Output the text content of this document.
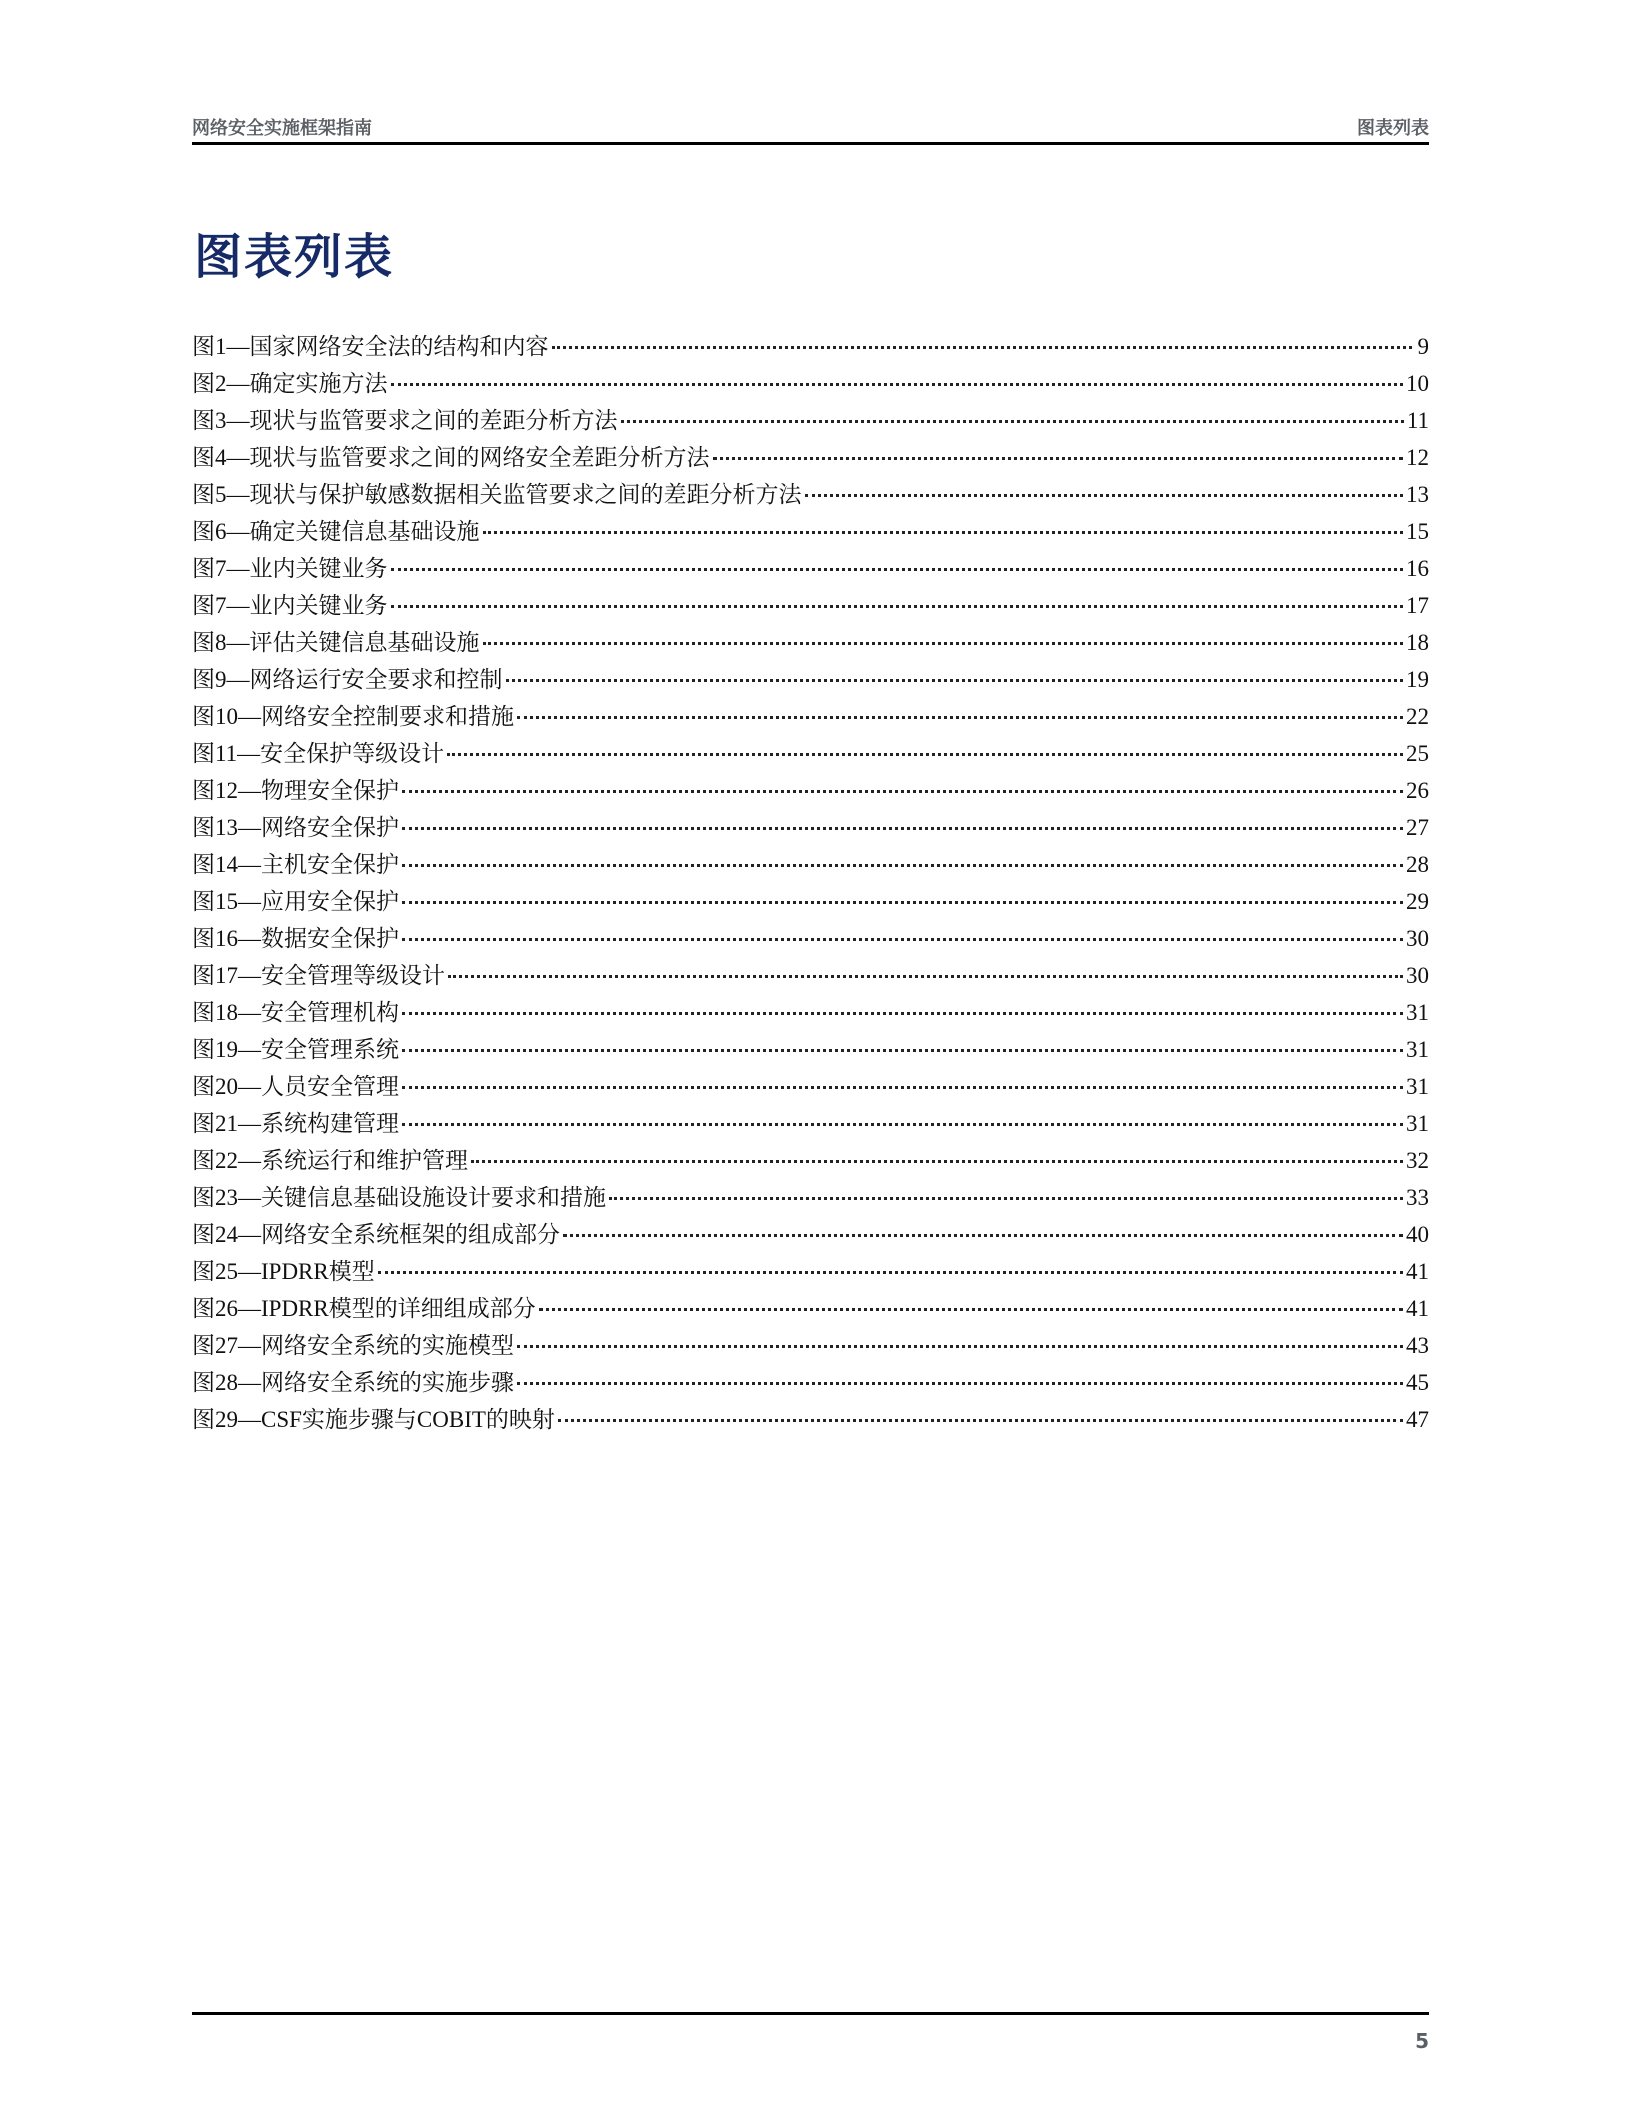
网络安全实施框架指南	图表列表
图表列表
图1—国家网络安全法的结构和内容	9
图2—确定实施方法	10
图3—现状与监管要求之间的差距分析方法	11
图4—现状与监管要求之间的网络安全差距分析方法	12
图5—现状与保护敏感数据相关监管要求之间的差距分析方法	13
图6—确定关键信息基础设施	15
图7—业内关键业务	16
图7—业内关键业务	17
图8—评估关键信息基础设施	18
图9—网络运行安全要求和控制	19
图10—网络安全控制要求和措施	22
图11—安全保护等级设计	25
图12—物理安全保护	26
图13—网络安全保护	27
图14—主机安全保护	28
图15—应用安全保护	29
图16—数据安全保护	30
图17—安全管理等级设计	30
图18—安全管理机构	31
图19—安全管理系统	31
图20—人员安全管理	31
图21—系统构建管理	31
图22—系统运行和维护管理	32
图23—关键信息基础设施设计要求和措施	33
图24—网络安全系统框架的组成部分	40
图25—IPDRR模型	41
图26—IPDRR模型的详细组成部分	41
图27—网络安全系统的实施模型	43
图28—网络安全系统的实施步骤	45
图29—CSF实施步骤与COBIT的映射	47
5
